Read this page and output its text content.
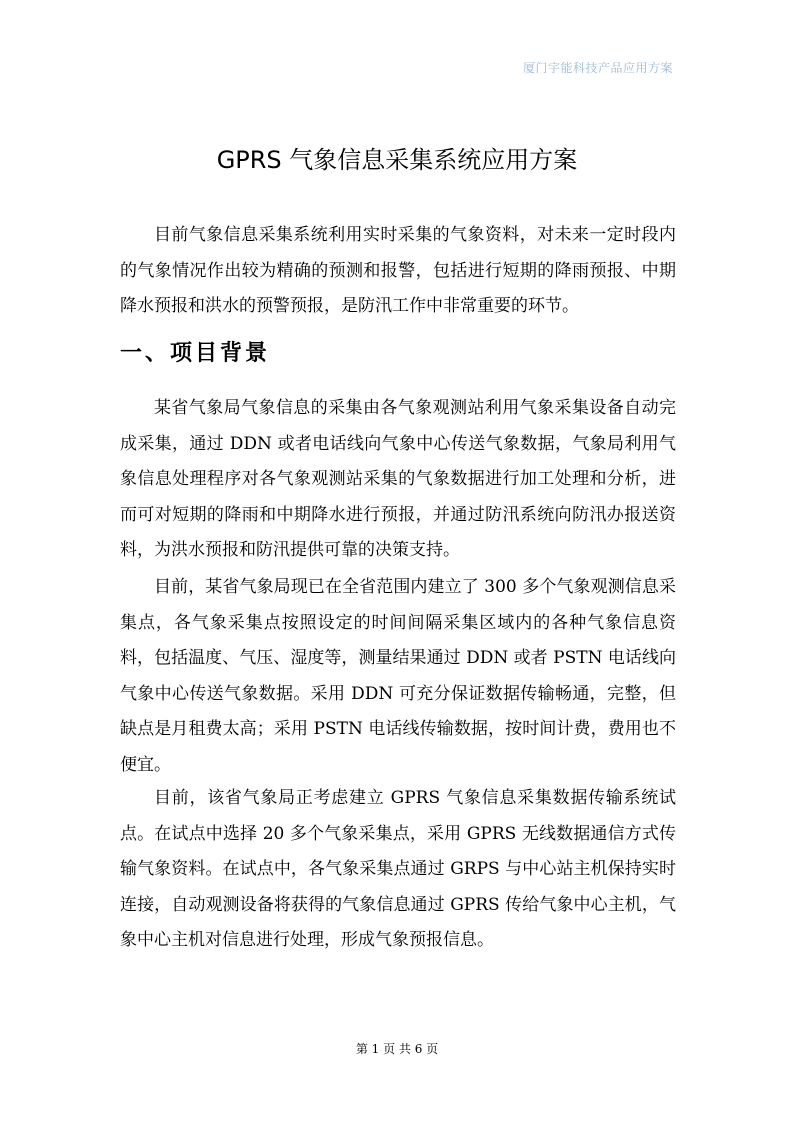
厦门宇能科技产品应用方案
GPRS 气象信息采集系统应用方案

目前气象信息采集系统利用实时采集的气象资料，对未来一定时段内的气象情况作出较为精确的预测和报警，包括进行短期的降雨预报、中期降水预报和洪水的预警预报，是防汛工作中非常重要的环节。

一、项目背景

某省气象局气象信息的采集由各气象观测站利用气象采集设备自动完成采集，通过 DDN 或者电话线向气象中心传送气象数据，气象局利用气象信息处理程序对各气象观测站采集的气象数据进行加工处理和分析，进而可对短期的降雨和中期降水进行预报，并通过防汛系统向防汛办报送资料，为洪水预报和防汛提供可靠的决策支持。

目前，某省气象局现已在全省范围内建立了 300 多个气象观测信息采集点，各气象采集点按照设定的时间间隔采集区域内的各种气象信息资料，包括温度、气压、湿度等，测量结果通过 DDN 或者 PSTN 电话线向气象中心传送气象数据。采用 DDN 可充分保证数据传输畅通，完整，但缺点是月租费太高；采用 PSTN 电话线传输数据，按时间计费，费用也不便宜。

目前，该省气象局正考虑建立 GPRS 气象信息采集数据传输系统试点。在试点中选择 20 多个气象采集点，采用 GPRS 无线数据通信方式传输气象资料。在试点中，各气象采集点通过 GRPS 与中心站主机保持实时连接，自动观测设备将获得的气象信息通过 GPRS 传给气象中心主机，气象中心主机对信息进行处理，形成气象预报信息。

第 1 页 共 6 页
